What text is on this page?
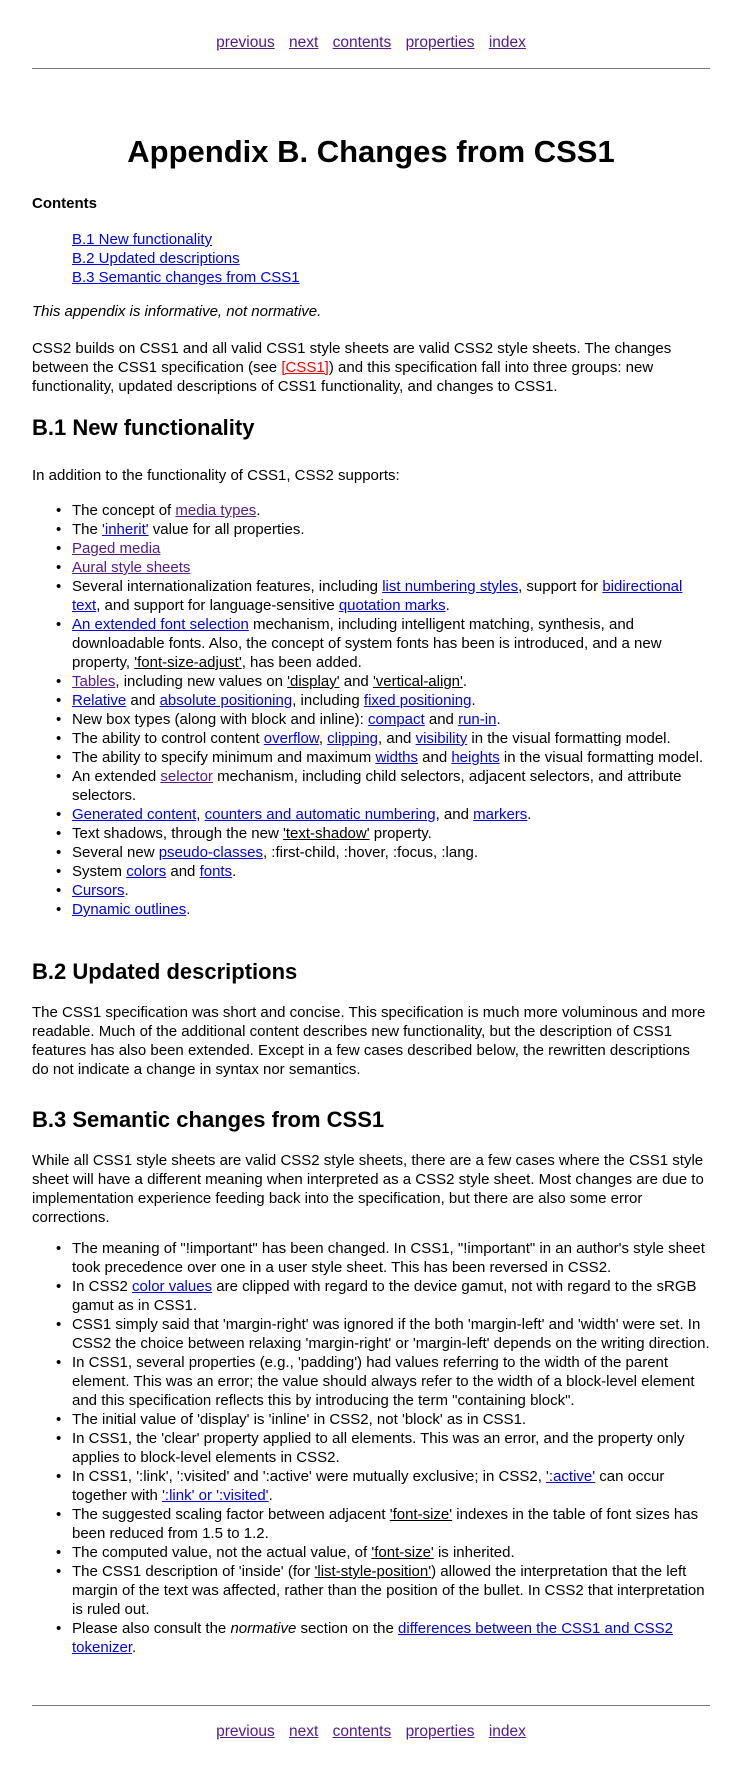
previous next contents properties index
Appendix B. Changes from CSS1
Contents
B.1 New functionality
B.2 Updated descriptions
B.3 Semantic changes from CSS1

This appendix is informative, not normative.

CSS2 builds on CSS1 and all valid CSS1 style sheets are valid CSS2 style sheets. The changes between the CSS1 specification (see [CSS1]) and this specification fall into three groups: new functionality, updated descriptions of CSS1 functionality, and changes to CSS1.

B.1 New functionality

In addition to the functionality of CSS1, CSS2 supports:

• The concept of media types.
• The 'inherit' value for all properties.
• Paged media
• Aural style sheets
• Several internationalization features, including list numbering styles, support for bidirectional text, and support for language-sensitive quotation marks.
• An extended font selection mechanism, including intelligent matching, synthesis, and downloadable fonts. Also, the concept of system fonts has been is introduced, and a new property, 'font-size-adjust', has been added.
• Tables, including new values on 'display' and 'vertical-align'.
• Relative and absolute positioning, including fixed positioning.
• New box types (along with block and inline): compact and run-in.
• The ability to control content overflow, clipping, and visibility in the visual formatting model.
• The ability to specify minimum and maximum widths and heights in the visual formatting model.
• An extended selector mechanism, including child selectors, adjacent selectors, and attribute selectors.
• Generated content, counters and automatic numbering, and markers.
• Text shadows, through the new 'text-shadow' property.
• Several new pseudo-classes, :first-child, :hover, :focus, :lang.
• System colors and fonts.
• Cursors.
• Dynamic outlines.
B.2 Updated descriptions

The CSS1 specification was short and concise. This specification is much more voluminous and more readable. Much of the additional content describes new functionality, but the description of CSS1 features has also been extended. Except in a few cases described below, the rewritten descriptions do not indicate a change in syntax nor semantics.

B.3 Semantic changes from CSS1

While all CSS1 style sheets are valid CSS2 style sheets, there are a few cases where the CSS1 style sheet will have a different meaning when interpreted as a CSS2 style sheet. Most changes are due to implementation experience feeding back into the specification, but there are also some error corrections.

• The meaning of "!important" has been changed. In CSS1, "!important" in an author's style sheet took precedence over one in a user style sheet. This has been reversed in CSS2.
• In CSS2 color values are clipped with regard to the device gamut, not with regard to the sRGB gamut as in CSS1.
• CSS1 simply said that 'margin-right' was ignored if the both 'margin-left' and 'width' were set. In CSS2 the choice between relaxing 'margin-right' or 'margin-left' depends on the writing direction.
• In CSS1, several properties (e.g., 'padding') had values referring to the width of the parent element. This was an error; the value should always refer to the width of a block-level element and this specification reflects this by introducing the term "containing block".
• The initial value of 'display' is 'inline' in CSS2, not 'block' as in CSS1.
• In CSS1, the 'clear' property applied to all elements. This was an error, and the property only applies to block-level elements in CSS2.
• In CSS1, ':link', ':visited' and ':active' were mutually exclusive; in CSS2, ':active' can occur together with ':link' or ':visited'.
• The suggested scaling factor between adjacent 'font-size' indexes in the table of font sizes has been reduced from 1.5 to 1.2.
• The computed value, not the actual value, of 'font-size' is inherited.
• The CSS1 description of 'inside' (for 'list-style-position') allowed the interpretation that the left margin of the text was affected, rather than the position of the bullet. In CSS2 that interpretation is ruled out.
• Please also consult the normative section on the differences between the CSS1 and CSS2 tokenizer.
previous next contents properties index
